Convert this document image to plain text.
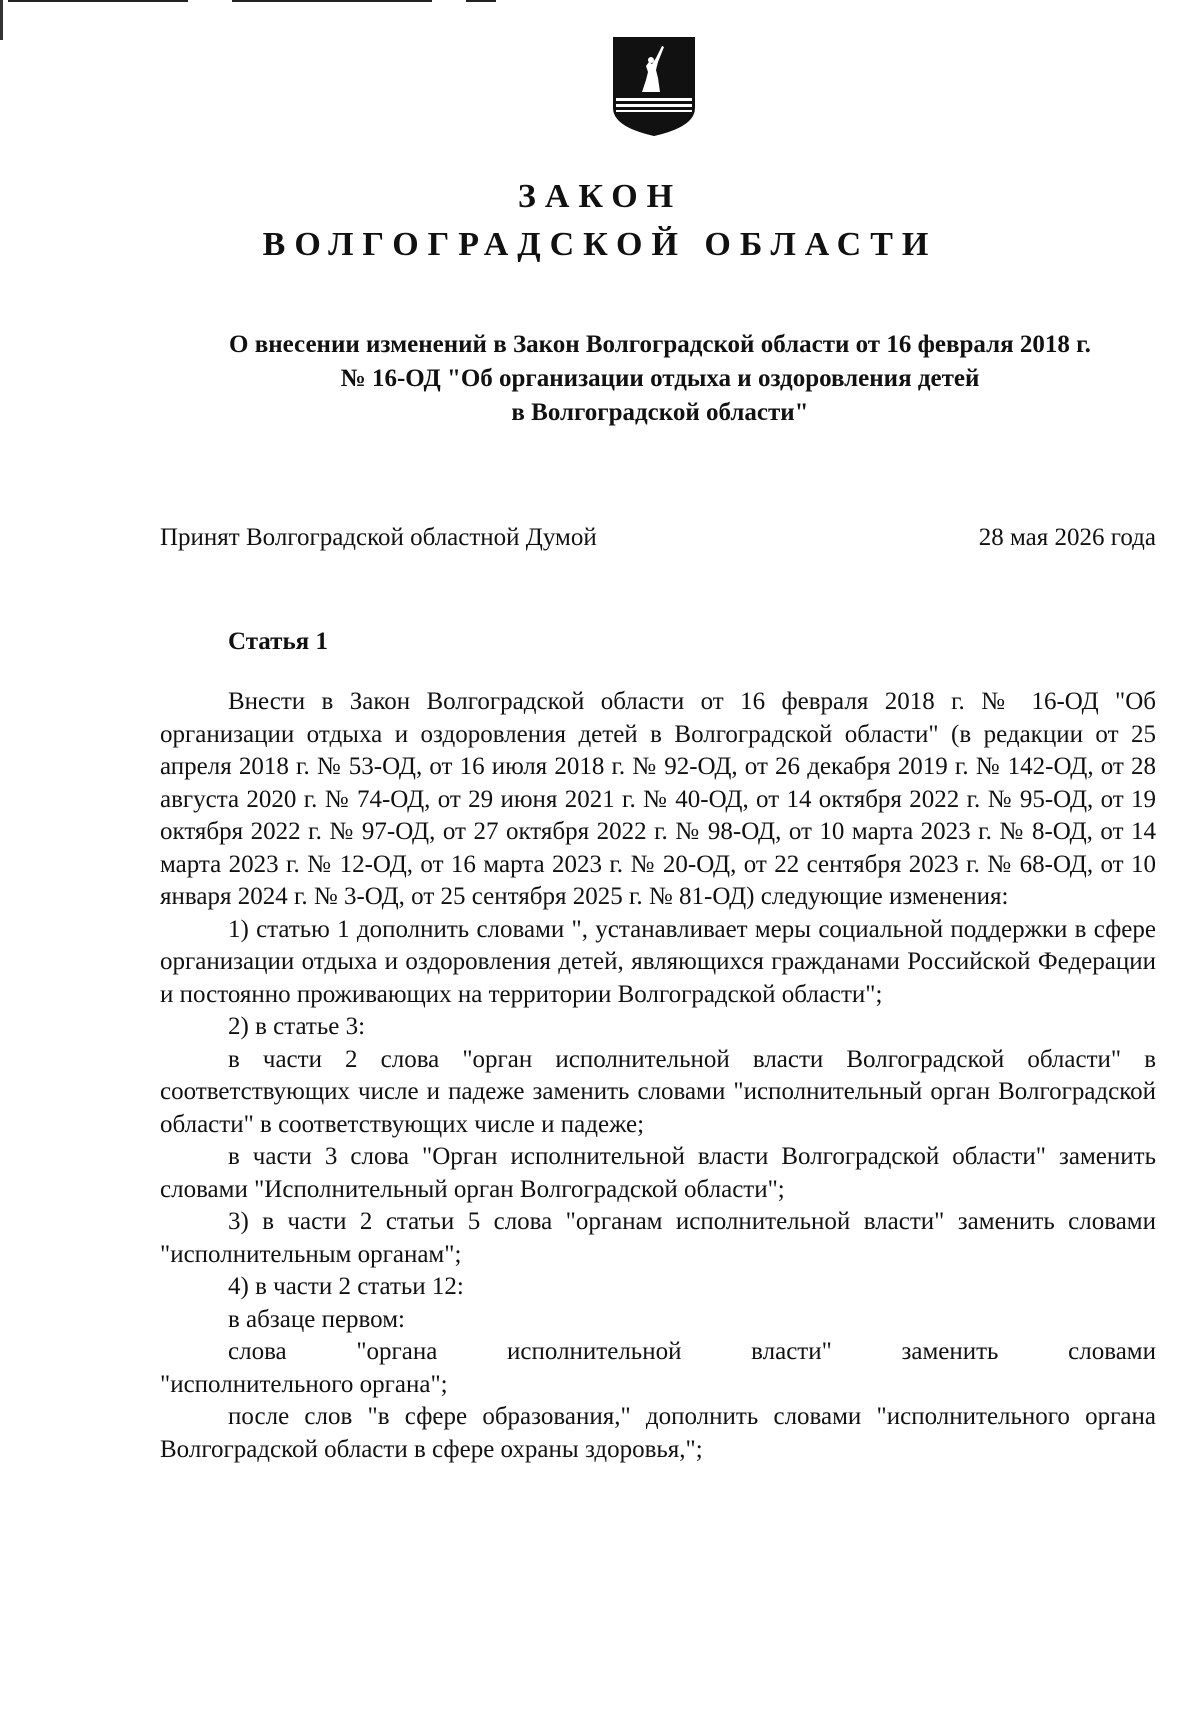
ЗАКОН
ВОЛГОГРАДСКОЙ ОБЛАСТИ
О внесении изменений в Закон Волгоградской области от 16 февраля 2018 г.
№ 16-ОД "Об организации отдыха и оздоровления детей
в Волгоградской области"
Принят Волгоградской областной Думой	28 мая 2026 года
Статья 1

Внести в Закон Волгоградской области от 16 февраля 2018 г. № 16-ОД "Об организации отдыха и оздоровления детей в Волгоградской области" (в редакции от 25 апреля 2018 г. № 53-ОД, от 16 июля 2018 г. № 92-ОД, от 26 декабря 2019 г. № 142-ОД, от 28 августа 2020 г. № 74-ОД, от 29 июня 2021 г. № 40-ОД, от 14 октября 2022 г. № 95-ОД, от 19 октября 2022 г. № 97-ОД, от 27 октября 2022 г. № 98-ОД, от 10 марта 2023 г. № 8-ОД, от 14 марта 2023 г. № 12-ОД, от 16 марта 2023 г. № 20-ОД, от 22 сентября 2023 г. № 68-ОД, от 10 января 2024 г. № 3-ОД, от 25 сентября 2025 г. № 81-ОД) следующие изменения:

1) статью 1 дополнить словами ", устанавливает меры социальной поддержки в сфере организации отдыха и оздоровления детей, являющихся гражданами Российской Федерации и постоянно проживающих на территории Волгоградской области";

2) в статье 3:

в части 2 слова "орган исполнительной власти Волгоградской области" в соответствующих числе и падеже заменить словами "исполнительный орган Волгоградской области" в соответствующих числе и падеже;

в части 3 слова "Орган исполнительной власти Волгоградской области" заменить словами "Исполнительный орган Волгоградской области";

3) в части 2 статьи 5 слова "органам исполнительной власти" заменить словами "исполнительным органам";

4) в части 2 статьи 12:

в абзаце первом:

слова "органа исполнительной власти" заменить словами

"исполнительного органа";

после слов "в сфере образования," дополнить словами "исполнительного органа Волгоградской области в сфере охраны здоровья,";
